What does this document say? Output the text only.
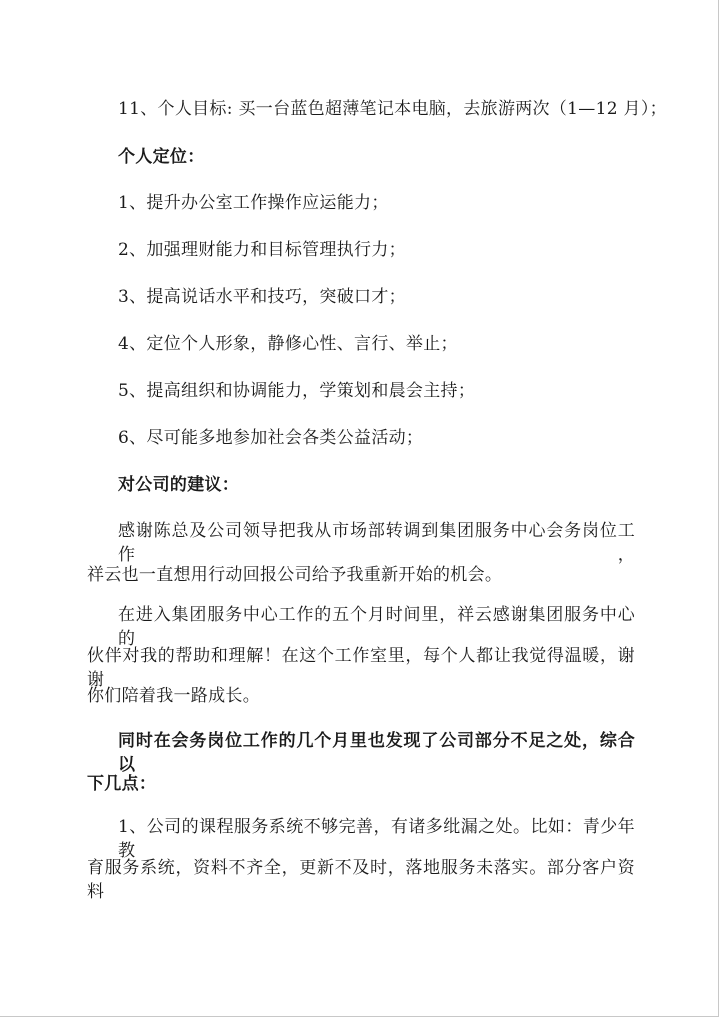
11、个人目标: 买一台蓝色超薄笔记本电脑，去旅游两次（1—12 月）；
个人定位：
1、提升办公室工作操作应运能力；
2、加强理财能力和目标管理执行力；
3、提高说话水平和技巧，突破口才；
4、定位个人形象，静修心性、言行、举止；
5、提高组织和协调能力，学策划和晨会主持；
6、尽可能多地参加社会各类公益活动；
对公司的建议：
感谢陈总及公司领导把我从市场部转调到集团服务中心会务岗位工作，
祥云也一直想用行动回报公司给予我重新开始的机会。
在进入集团服务中心工作的五个月时间里，祥云感谢集团服务中心的
伙伴对我的帮助和理解！在这个工作室里，每个人都让我觉得温暖，谢谢
你们陪着我一路成长。
同时在会务岗位工作的几个月里也发现了公司部分不足之处，综合以
下几点：
1、公司的课程服务系统不够完善，有诸多纰漏之处。比如：青少年教
育服务系统，资料不齐全，更新不及时，落地服务未落实。部分客户资料
